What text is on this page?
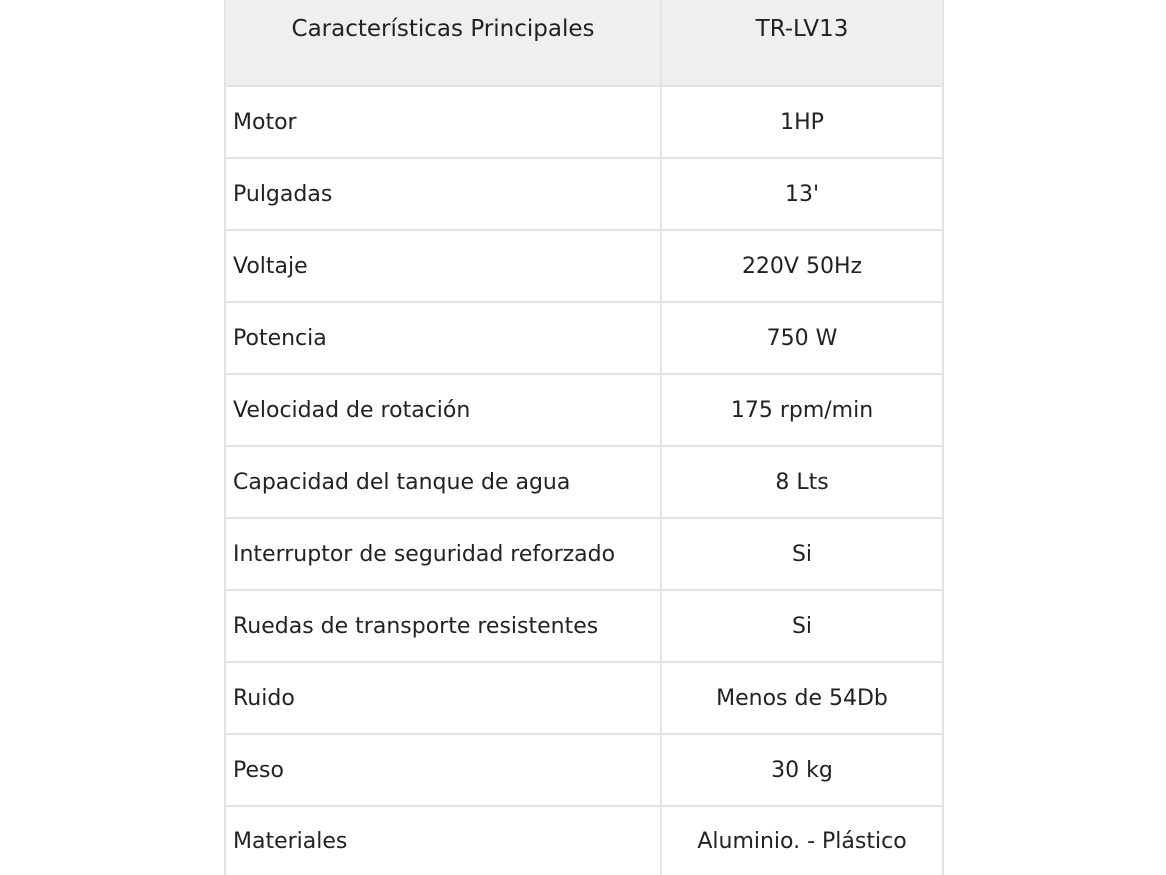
Características Principales	TR-LV13
Motor	1HP
Pulgadas	13'
Voltaje	220V 50Hz
Potencia	750 W
Velocidad de rotación	175 rpm/min
Capacidad del tanque de agua	8 Lts
Interruptor de seguridad reforzado	Si
Ruedas de transporte resistentes	Si
Ruido	Menos de 54Db
Peso	30 kg
Materiales	Aluminio. - Plástico
